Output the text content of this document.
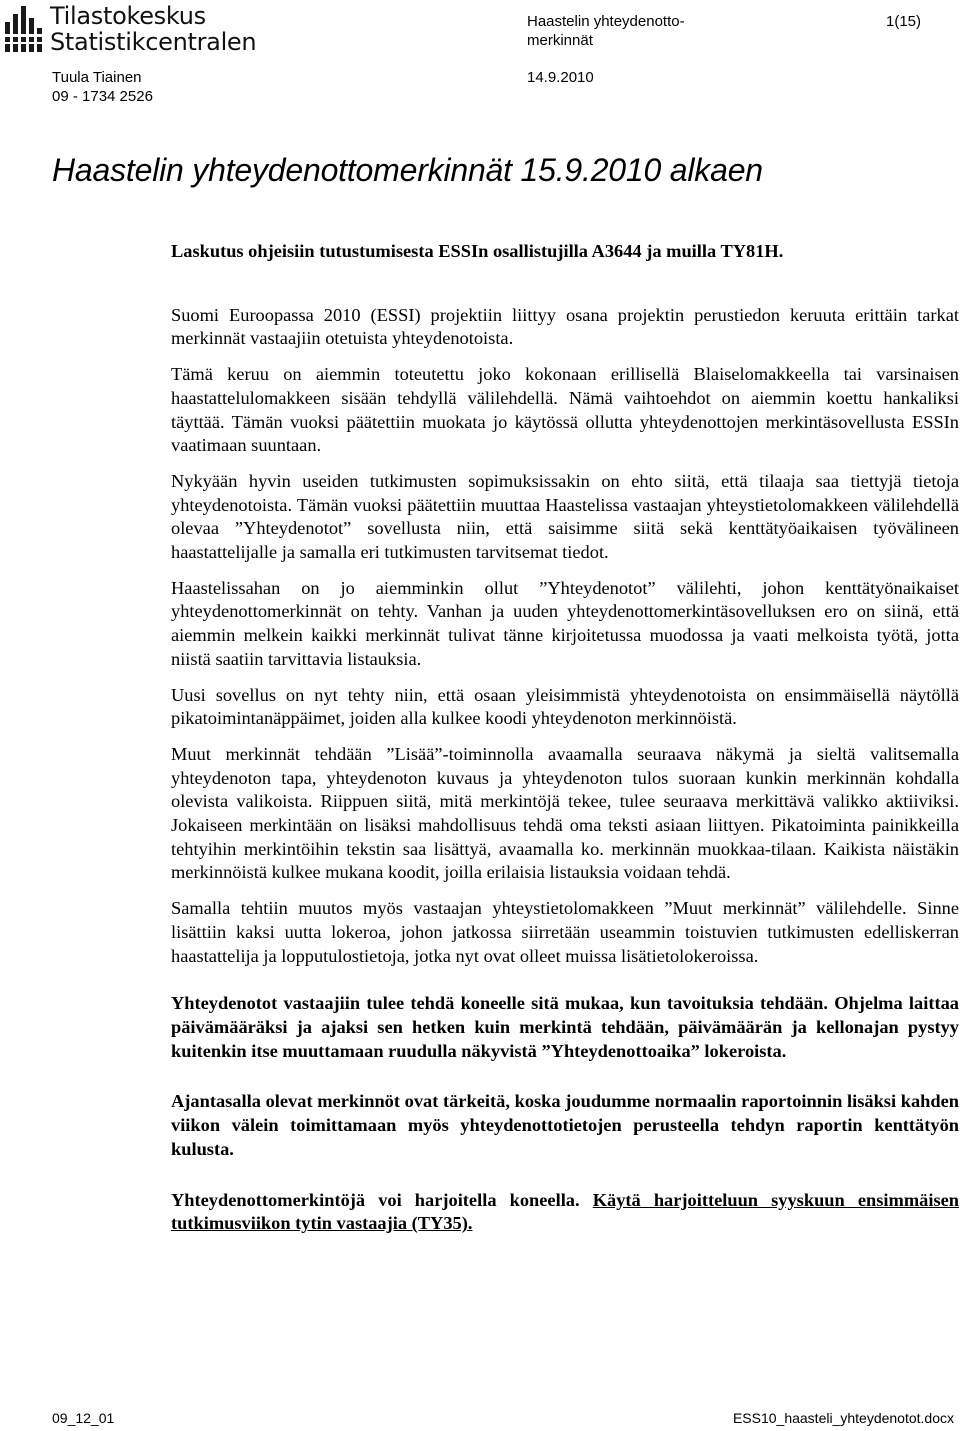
Tilastokeskus
Statistikcentralen
Haastelin yhteydenotto- merkinnät
1(15)
Tuula Tiainen
09 - 1734 2526
14.9.2010
Haastelin yhteydenottomerkinnät 15.9.2010 alkaen

Laskutus ohjeisiin tutustumisesta ESSIn osallistujilla A3644 ja muilla TY81H.

Suomi Euroopassa 2010 (ESSI) projektiin liittyy osana projektin perustiedon keruuta erittäin tarkat merkinnät vastaajiin otetuista yhteydenotoista.

Tämä keruu on aiemmin toteutettu joko kokonaan erillisellä Blaiselomakkeella tai varsinaisen haastattelulomakkeen sisään tehdyllä välilehdellä. Nämä vaihtoehdot on aiemmin koettu hankaliksi täyttää. Tämän vuoksi päätettiin muokata jo käytössä ollutta yhteydenottojen merkintäsovellusta ESSIn vaatimaan suuntaan.

Nykyään hyvin useiden tutkimusten sopimuksissakin on ehto siitä, että tilaaja saa tiettyjä tietoja yhteydenotoista. Tämän vuoksi päätettiin muuttaa Haastelissa vastaajan yhteystietolomakkeen välilehdellä olevaa ”Yhteydenotot” sovellusta niin, että saisimme siitä sekä kenttätyöaikaisen työvälineen haastattelijalle ja samalla eri tutkimusten tarvitsemat tiedot.

Haastelissahan on jo aiemminkin ollut ”Yhteydenotot” välilehti, johon kenttätyönaikaiset yhteydenottomerkinnät on tehty. Vanhan ja uuden yhteydenottomerkintäsovelluksen ero on siinä, että aiemmin melkein kaikki merkinnät tulivat tänne kirjoitetussa muodossa ja vaati melkoista työtä, jotta niistä saatiin tarvittavia listauksia.

Uusi sovellus on nyt tehty niin, että osaan yleisimmistä yhteydenotoista on ensimmäisellä näytöllä pikatoimintanäppäimet, joiden alla kulkee koodi yhteydenoton merkinnöistä.

Muut merkinnät tehdään ”Lisää”-toiminnolla avaamalla seuraava näkymä ja sieltä valitsemalla yhteydenoton tapa, yhteydenoton kuvaus ja yhteydenoton tulos suoraan kunkin merkinnän kohdalla olevista valikoista. Riippuen siitä, mitä merkintöjä tekee, tulee seuraava merkittävä valikko aktiiviksi. Jokaiseen merkintään on lisäksi mahdollisuus tehdä oma teksti asiaan liittyen. Pikatoiminta painikkeilla tehtyihin merkintöihin tekstin saa lisättyä, avaamalla ko. merkinnän muokkaa-tilaan. Kaikista näistäkin merkinnöistä kulkee mukana koodit, joilla erilaisia listauksia voidaan tehdä.

Samalla tehtiin muutos myös vastaajan yhteystietolomakkeen ”Muut merkinnät” välilehdelle. Sinne lisättiin kaksi uutta lokeroa, johon jatkossa siirretään useammin toistuvien tutkimusten edelliskerran haastattelija ja lopputulostietoja, jotka nyt ovat olleet muissa lisätietolokeroissa.

Yhteydenotot vastaajiin tulee tehdä koneelle sitä mukaa, kun tavoituksia tehdään. Ohjelma laittaa päivämääräksi ja ajaksi sen hetken kuin merkintä tehdään, päivämäärän ja kellonajan pystyy kuitenkin itse muuttamaan ruudulla näkyvistä ”Yhteydenottoaika” lokeroista.

Ajantasalla olevat merkinnöt ovat tärkeitä, koska joudumme normaalin raportoinnin lisäksi kahden viikon välein toimittamaan myös yhteydenottotietojen perusteella tehdyn raportin kenttätyön kulusta.

Yhteydenottomerkintöjä voi harjoitella koneella. Käytä harjoitteluun syyskuun ensimmäisen tutkimusviikon tytin vastaajia (TY35).

09_12_01	ESS10_haasteli_yhteydenotot.docx
